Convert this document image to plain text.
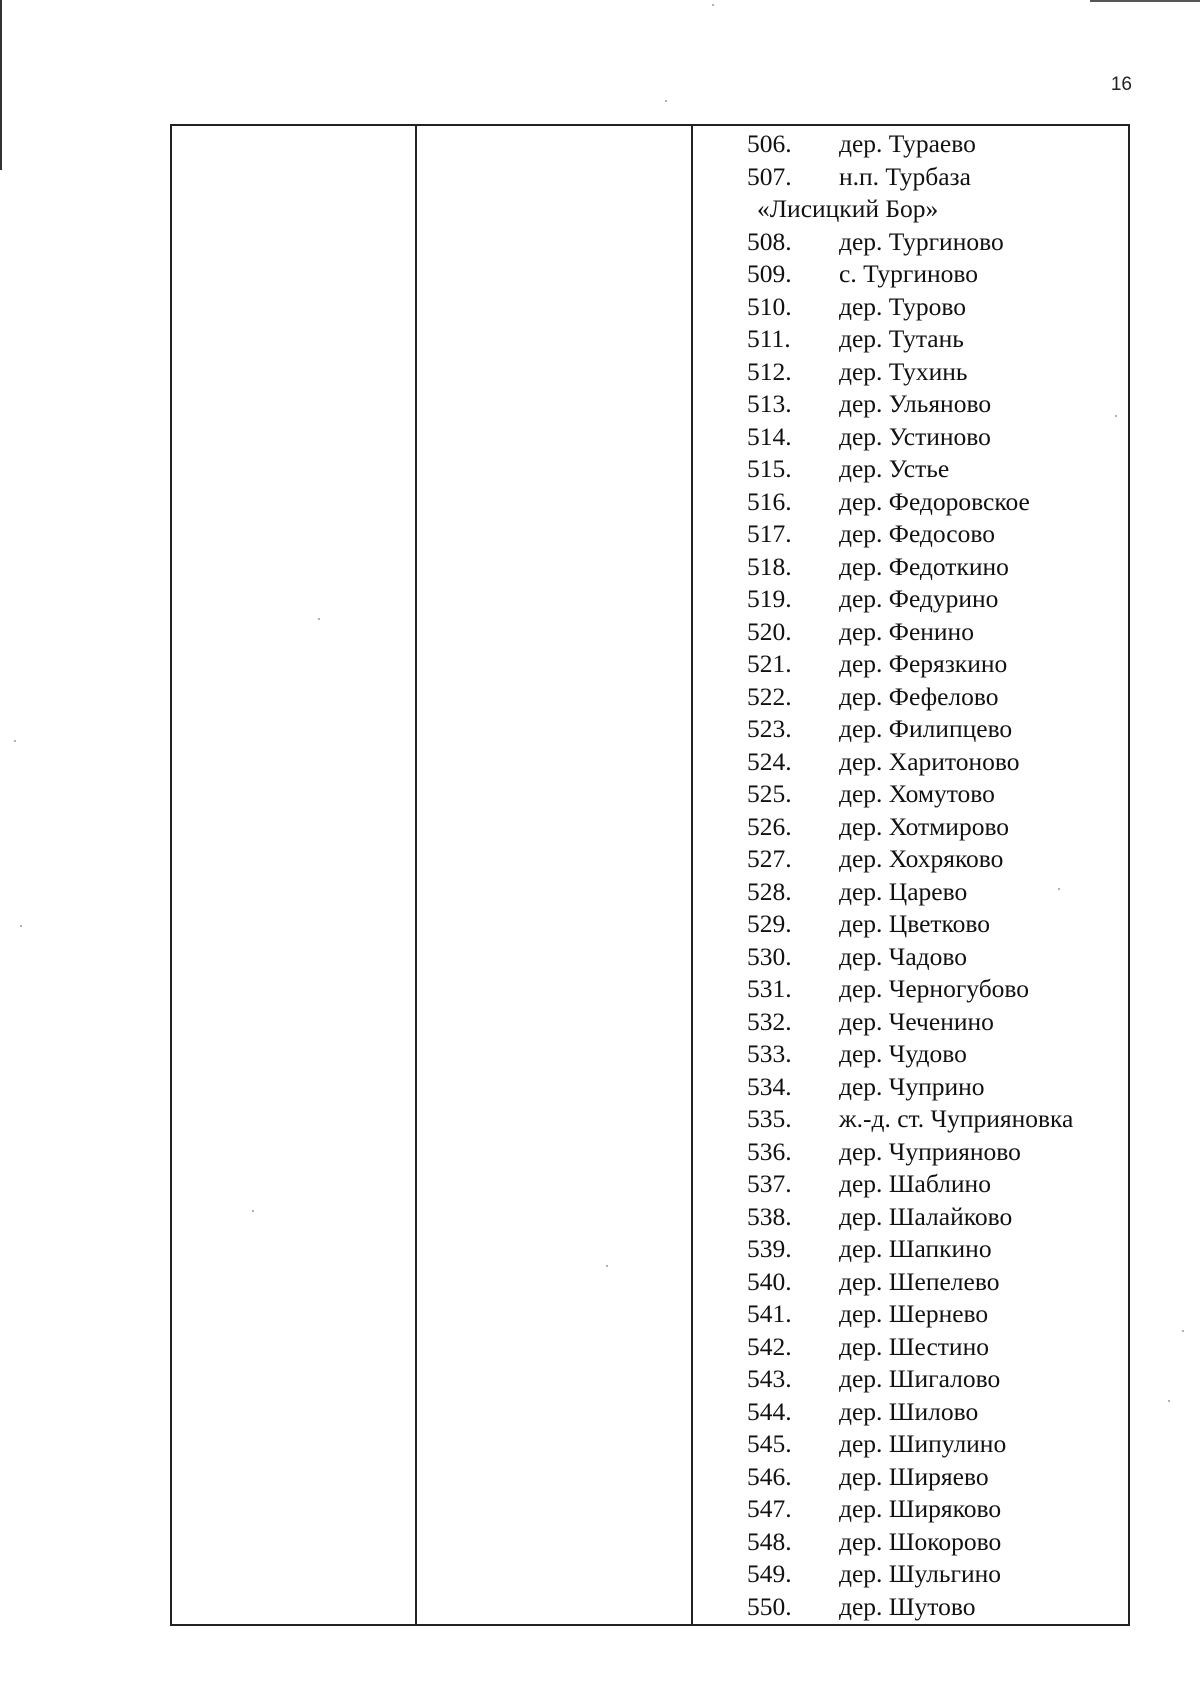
16
506. дер. Тураево
507. н.п. Турбаза
«Лисицкий Бор»
508. дер. Тургиново
509. с. Тургиново
510. дер. Турово
511. дер. Тутань
512. дер. Тухинь
513. дер. Ульяново
514. дер. Устиново
515. дер. Устье
516. дер. Федоровское
517. дер. Федосово
518. дер. Федоткино
519. дер. Федурино
520. дер. Фенино
521. дер. Ферязкино
522. дер. Фефелово
523. дер. Филипцево
524. дер. Харитоново
525. дер. Хомутово
526. дер. Хотмирово
527. дер. Хохряково
528. дер. Царево
529. дер. Цветково
530. дер. Чадово
531. дер. Черногубово
532. дер. Чеченино
533. дер. Чудово
534. дер. Чуприно
535. ж.-д. ст. Чуприяновка
536. дер. Чуприяново
537. дер. Шаблино
538. дер. Шалайково
539. дер. Шапкино
540. дер. Шепелево
541. дер. Шернево
542. дер. Шестино
543. дер. Шигалово
544. дер. Шилово
545. дер. Шипулино
546. дер. Ширяево
547. дер. Ширяково
548. дер. Шокорово
549. дер. Шульгино
550. дер. Шутово
